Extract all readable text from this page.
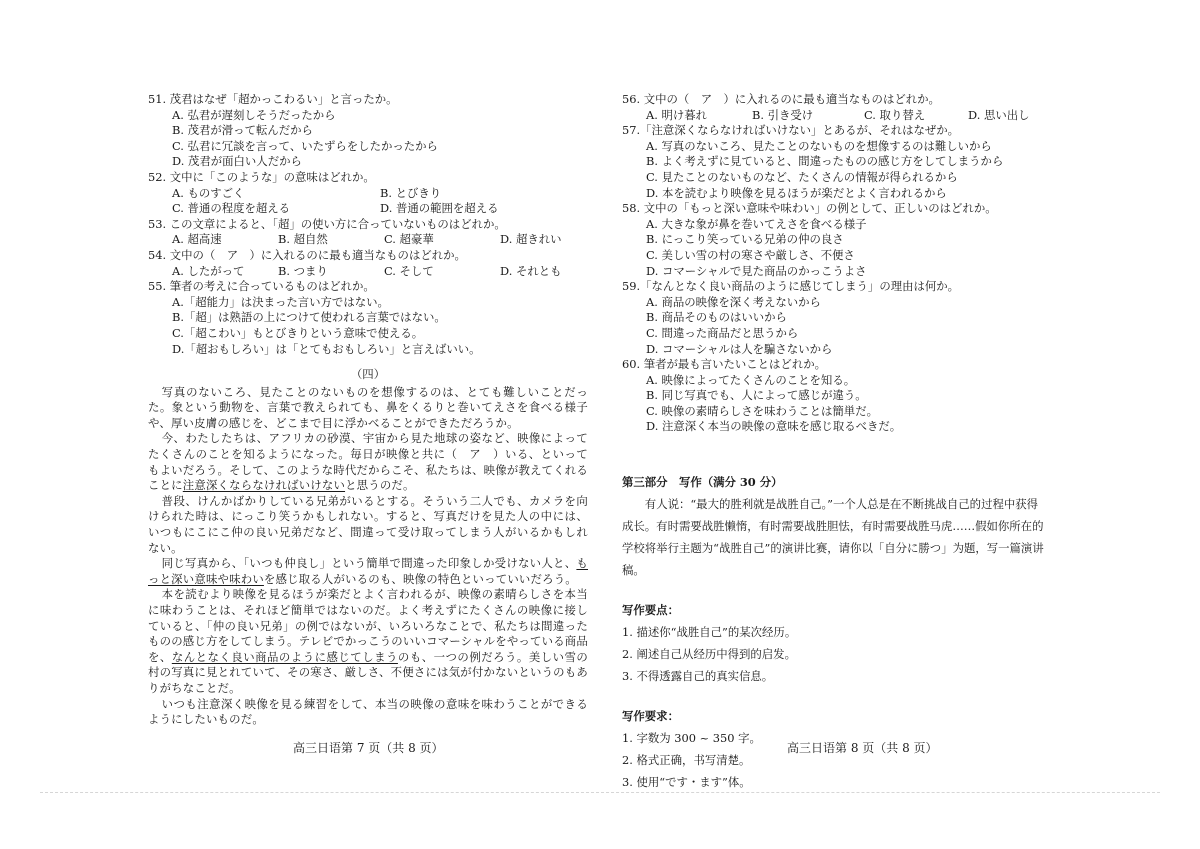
51. 茂君はなぜ「超かっこわるい」と言ったか。

A. 弘君が遅刻しそうだったから

B. 茂君が滑って転んだから

C. 弘君に冗談を言って、いたずらをしたかったから

D. 茂君が面白い人だから

52. 文中に「このような」の意味はどれか。

A. ものすごく	B. とびきり
C. 普通の程度を超える	D. 普通の範囲を超える

53. この文章によると、「超」の使い方に合っていないものはどれか。

A. 超高速	B. 超自然	C. 超豪華	D. 超きれい

54. 文中の（　ア　）に入れるのに最も適当なものはどれか。

A. したがって	B. つまり	C. そして	D. それとも

55. 筆者の考えに合っているものはどれか。

A.「超能力」は決まった言い方ではない。

B.「超」は熟語の上につけて使われる言葉ではない。

C.「超こわい」もとびきりという意味で使える。

D.「超おもしろい」は「とてもおもしろい」と言えばいい。

（四）

写真のないころ、見たことのないものを想像するのは、とても難しいことだった。象という動物を、言葉で教えられても、鼻をくるりと巻いてえさを食べる様子や、厚い皮膚の感じを、どこまで目に浮かべることができただろうか。

今、わたしたちは、アフリカの砂漠、宇宙から見た地球の姿など、映像によってたくさんのことを知るようになった。毎日が映像と共に（　ア　）いる、といってもよいだろう。そして、このような時代だからこそ、私たちは、映像が教えてくれることに注意深くならなければいけないと思うのだ。

普段、けんかばかりしている兄弟がいるとする。そういう二人でも、カメラを向けられた時は、にっこり笑うかもしれない。すると、写真だけを見た人の中には、いつもにこにこ仲の良い兄弟だなど、間違って受け取ってしまう人がいるかもしれない。

同じ写真から、「いつも仲良し」という簡単で間違った印象しか受けない人と、もっと深い意味や味わいを感じ取る人がいるのも、映像の特色といっていいだろう。

本を読むより映像を見るほうが楽だとよく言われるが、映像の素晴らしさを本当に味わうことは、それほど簡単ではないのだ。よく考えずにたくさんの映像に接していると、「仲の良い兄弟」の例ではないが、いろいろなことで、私たちは間違ったものの感じ方をしてしまう。テレビでかっこうのいいコマーシャルをやっている商品を、なんとなく良い商品のように感じてしまうのも、一つの例だろう。美しい雪の村の写真に見とれていて、その寒さ、厳しさ、不便さには気が付かないというのもありがちなことだ。

いつも注意深く映像を見る練習をして、本当の映像の意味を味わうことができるようにしたいものだ。

56. 文中の（　ア　）に入れるのに最も適当なものはどれか。

A. 明け暮れ	B. 引き受け	C. 取り替え	D. 思い出し

57.「注意深くならなければいけない」とあるが、それはなぜか。

A. 写真のないころ、見たことのないものを想像するのは難しいから

B. よく考えずに見ていると、間違ったものの感じ方をしてしまうから

C. 見たことのないものなど、たくさんの情報が得られるから

D. 本を読むより映像を見るほうが楽だとよく言われるから

58. 文中の「もっと深い意味や味わい」の例として、正しいのはどれか。

A. 大きな象が鼻を巻いてえさを食べる様子

B. にっこり笑っている兄弟の仲の良さ

C. 美しい雪の村の寒さや厳しさ、不便さ

D. コマーシャルで見た商品のかっこうよさ

59.「なんとなく良い商品のように感じてしまう」の理由は何か。

A. 商品の映像を深く考えないから

B. 商品そのものはいいから

C. 間違った商品だと思うから

D. コマーシャルは人を騙さないから

60. 筆者が最も言いたいことはどれか。

A. 映像によってたくさんのことを知る。

B. 同じ写真でも、人によって感じが違う。

C. 映像の素晴らしさを味わうことは簡単だ。

D. 注意深く本当の映像の意味を感じ取るべきだ。

第三部分　写作（满分 30 分）

有人说：“最大的胜利就是战胜自己。”一个人总是在不断挑战自己的过程中获得成长。有时需要战胜懒惰，有时需要战胜胆怯，有时需要战胜马虎……假如你所在的学校将举行主题为“战胜自己”的演讲比赛，请你以「自分に勝つ」为题，写一篇演讲稿。

写作要点：

1. 描述你“战胜自己”的某次经历。

2. 阐述自己从经历中得到的启发。

3. 不得透露自己的真实信息。

写作要求：

1. 字数为 300 ~ 350 字。

2. 格式正确，书写清楚。

3. 使用“です・ます”体。

高三日语第 7 页（共 8 页）	高三日语第 8 页（共 8 页）
